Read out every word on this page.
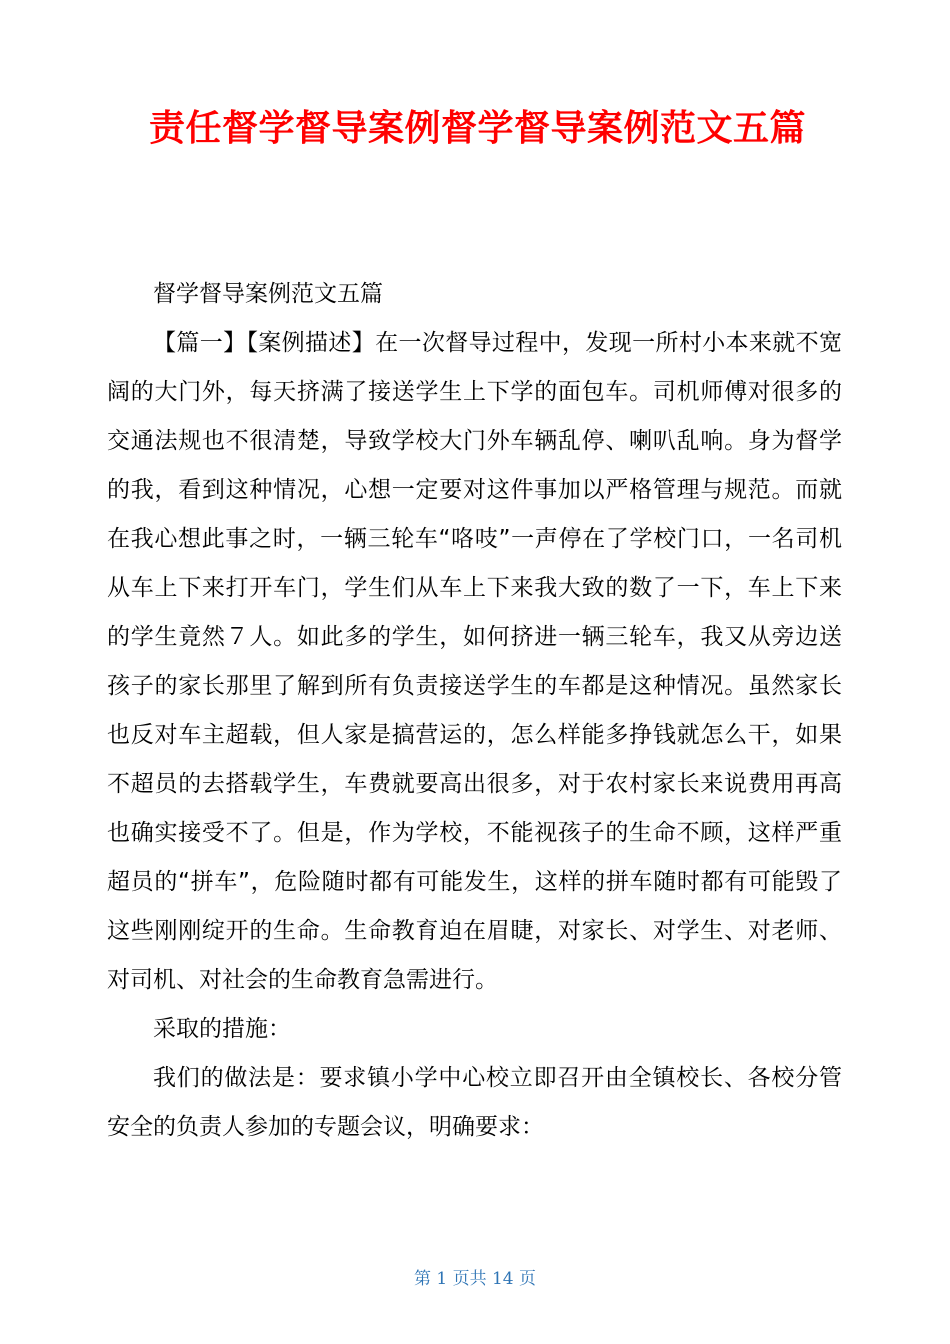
责任督学督导案例督学督导案例范文五篇

督学督导案例范文五篇

【篇一】【案例描述】在一次督导过程中，发现一所村小本来就不宽阔的大门外，每天挤满了接送学生上下学的面包车。司机师傅对很多的交通法规也不很清楚，导致学校大门外车辆乱停、喇叭乱响。身为督学的我，看到这种情况，心想一定要对这件事加以严格管理与规范。而就在我心想此事之时，一辆三轮车“咯吱”一声停在了学校门口，一名司机从车上下来打开车门，学生们从车上下来我大致的数了一下，车上下来的学生竟然７人。如此多的学生，如何挤进一辆三轮车，我又从旁边送孩子的家长那里了解到所有负责接送学生的车都是这种情况。虽然家长也反对车主超载，但人家是搞营运的，怎么样能多挣钱就怎么干，如果不超员的去搭载学生，车费就要高出很多，对于农村家长来说费用再高也确实接受不了。但是，作为学校，不能视孩子的生命不顾，这样严重超员的“拼车”，危险随时都有可能发生，这样的拼车随时都有可能毁了这些刚刚绽开的生命。生命教育迫在眉睫，对家长、对学生、对老师、对司机、对社会的生命教育急需进行。

采取的措施：

我们的做法是：要求镇小学中心校立即召开由全镇校长、各校分管安全的负责人参加的专题会议，明确要求：

第 1 页共 14 页
